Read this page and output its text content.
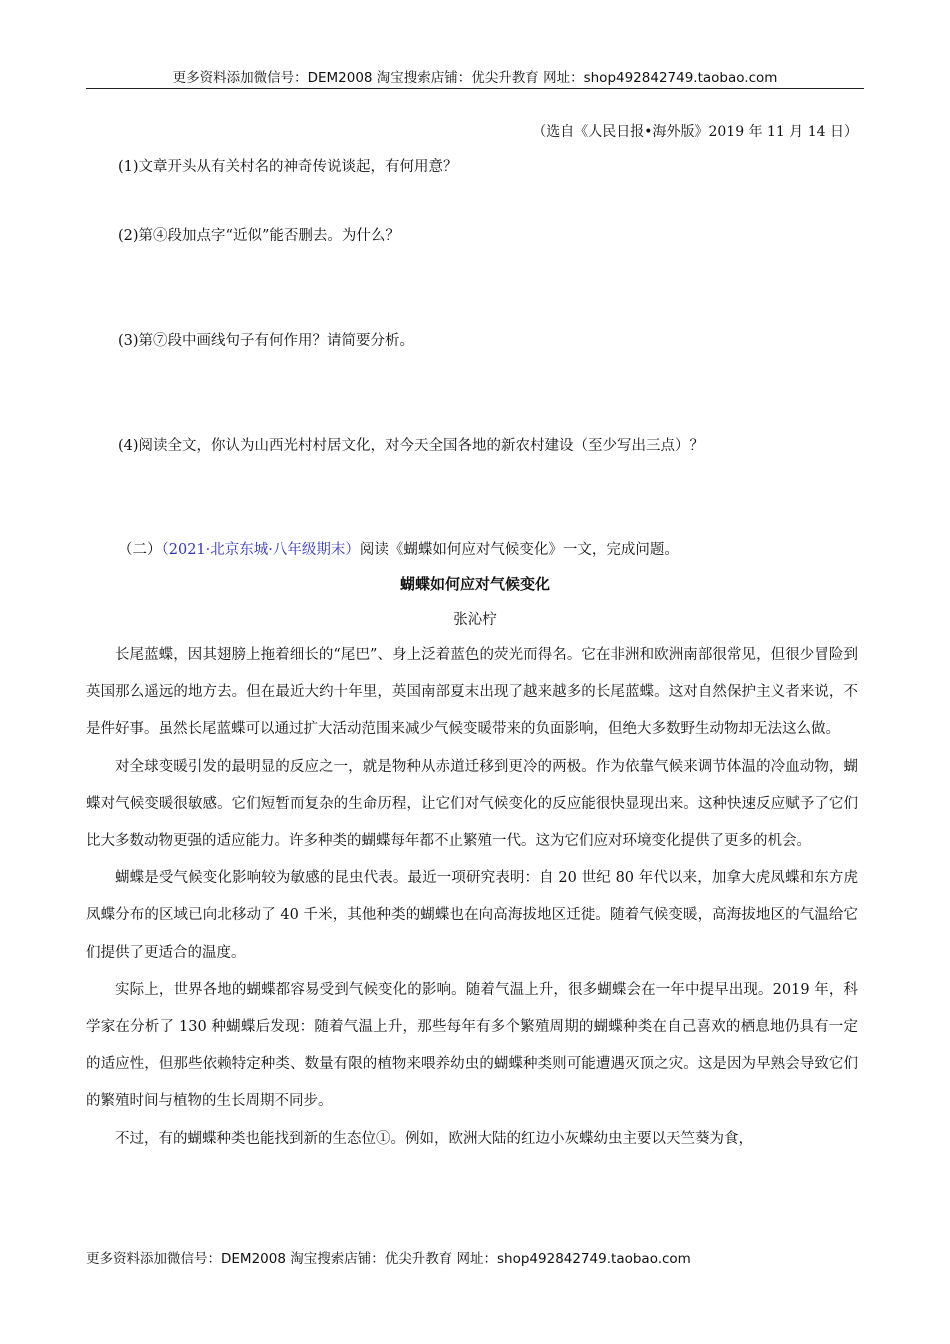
更多资料添加微信号：DEM2008 淘宝搜索店铺：优尖升教育 网址：shop492842749.taobao.com
（选自《人民日报•海外版》2019 年 11 月 14 日）
(1)文章开头从有关村名的神奇传说谈起，有何用意？
(2)第④段加点字“近似”能否删去。为什么？
(3)第⑦段中画线句子有何作用？请简要分析。
(4)阅读全文，你认为山西光村村居文化，对今天全国各地的新农村建设（至少写出三点）？
（二）（2021·北京东城·八年级期末）阅读《蝴蝶如何应对气候变化》一文，完成问题。
蝴蝶如何应对气候变化
张沁柠

长尾蓝蝶，因其翅膀上拖着细长的“尾巴”、身上泛着蓝色的荧光而得名。它在非洲和欧洲南部很常见，但很少冒险到英国那么遥远的地方去。但在最近大约十年里，英国南部夏末出现了越来越多的长尾蓝蝶。这对自然保护主义者来说，不是件好事。虽然长尾蓝蝶可以通过扩大活动范围来减少气候变暖带来的负面影响，但绝大多数野生动物却无法这么做。

对全球变暖引发的最明显的反应之一，就是物种从赤道迁移到更冷的两极。作为依靠气候来调节体温的冷血动物，蝴蝶对气候变暖很敏感。它们短暂而复杂的生命历程，让它们对气候变化的反应能很快显现出来。这种快速反应赋予了它们比大多数动物更强的适应能力。许多种类的蝴蝶每年都不止繁殖一代。这为它们应对环境变化提供了更多的机会。

蝴蝶是受气候变化影响较为敏感的昆虫代表。最近一项研究表明：自 20 世纪 80 年代以来，加拿大虎凤蝶和东方虎凤蝶分布的区域已向北移动了 40 千米，其他种类的蝴蝶也在向高海拔地区迁徙。随着气候变暖，高海拔地区的气温给它们提供了更适合的温度。

实际上，世界各地的蝴蝶都容易受到气候变化的影响。随着气温上升，很多蝴蝶会在一年中提早出现。2019 年，科学家在分析了 130 种蝴蝶后发现：随着气温上升，那些每年有多个繁殖周期的蝴蝶种类在自己喜欢的栖息地仍具有一定的适应性，但那些依赖特定种类、数量有限的植物来喂养幼虫的蝴蝶种类则可能遭遇灭顶之灾。这是因为早熟会导致它们的繁殖时间与植物的生长周期不同步。

不过，有的蝴蝶种类也能找到新的生态位①。例如，欧洲大陆的红边小灰蝶幼虫主要以天竺葵为食，

更多资料添加微信号：DEM2008 淘宝搜索店铺：优尖升教育 网址：shop492842749.taobao.com
